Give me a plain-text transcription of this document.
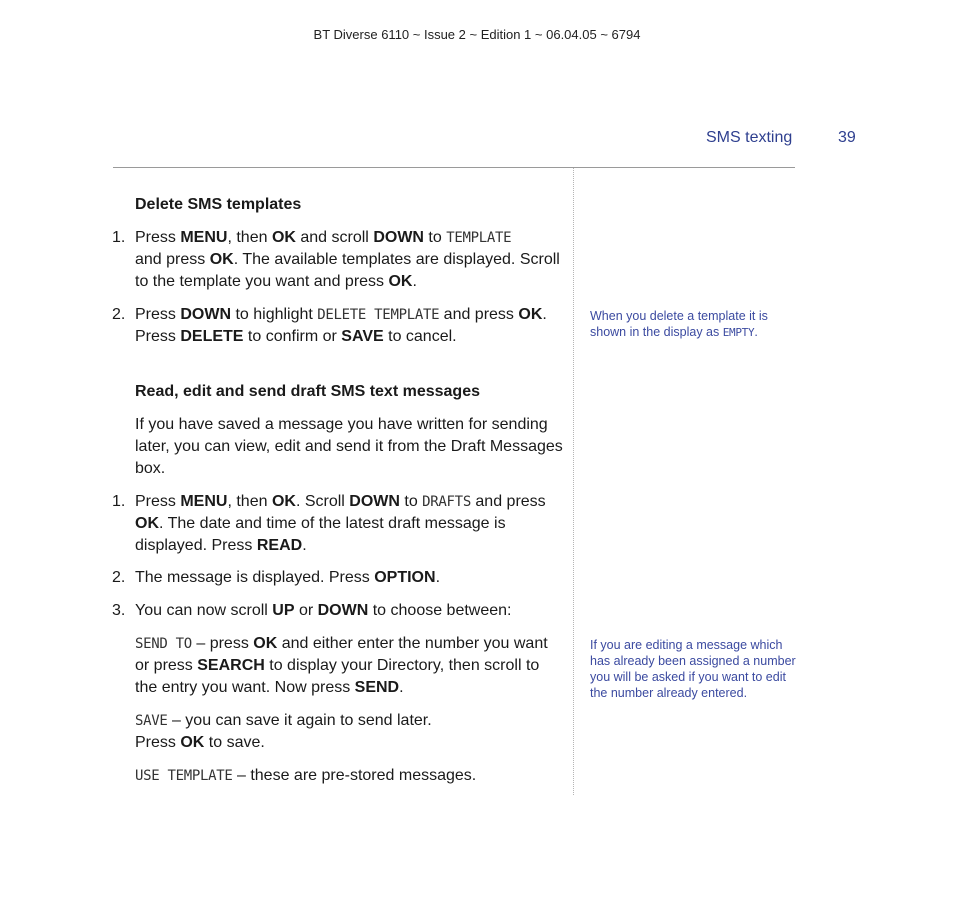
BT Diverse 6110 ~ Issue 2 ~ Edition 1 ~ 06.04.05 ~ 6794
SMS texting	39
Delete SMS templates
1. Press MENU, then OK and scroll DOWN to TEMPLATE
and press OK. The available templates are displayed. Scroll to the template you want and press OK.
2. Press DOWN to highlight DELETE TEMPLATE and press OK. Press DELETE to confirm or SAVE to cancel.
Read, edit and send draft SMS text messages
If you have saved a message you have written for sending later, you can view, edit and send it from the Draft Messages box.
1. Press MENU, then OK. Scroll DOWN to DRAFTS and press OK. The date and time of the latest draft message is displayed. Press READ.
2. The message is displayed. Press OPTION.
3. You can now scroll UP or DOWN to choose between:
SEND TO – press OK and either enter the number you want or press SEARCH to display your Directory, then scroll to the entry you want. Now press SEND.
SAVE – you can save it again to send later.
Press OK to save.
USE TEMPLATE – these are pre-stored messages.
When you delete a template it is shown in the display as EMPTY.
If you are editing a message which has already been assigned a number you will be asked if you want to edit the number already entered.
